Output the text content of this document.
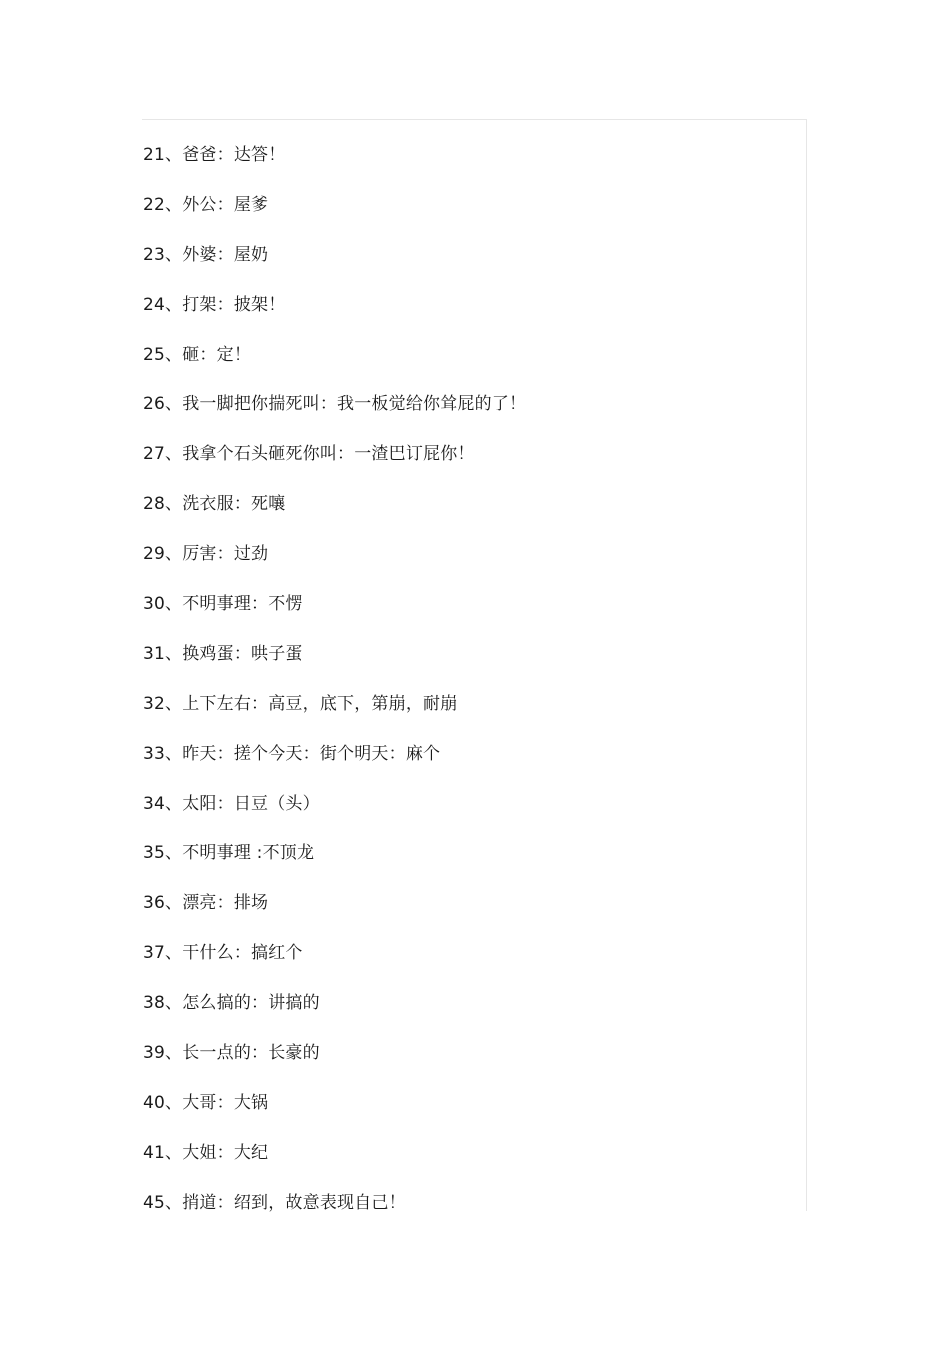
21、爸爸：达答！
22、外公：屋爹
23、外婆：屋奶
24、打架：披架！
25、砸：定！
26、我一脚把你揣死叫：我一板觉给你耸屁的了！
27、我拿个石头砸死你叫：一渣巴订屁你！
28、洗衣服：死嚷
29、厉害：过劲
30、不明事理：不愣
31、换鸡蛋：哄子蛋
32、上下左右：高豆，底下，第崩，耐崩
33、昨天：搓个今天：街个明天：麻个
34、太阳：日豆（头）
35、不明事理 :不顶龙
36、漂亮：排场
37、干什么：搞红个
38、怎么搞的：讲搞的
39、长一点的：长豪的
40、大哥：大锅
41、大姐：大纪
45、捎道：绍到，故意表现自己！
